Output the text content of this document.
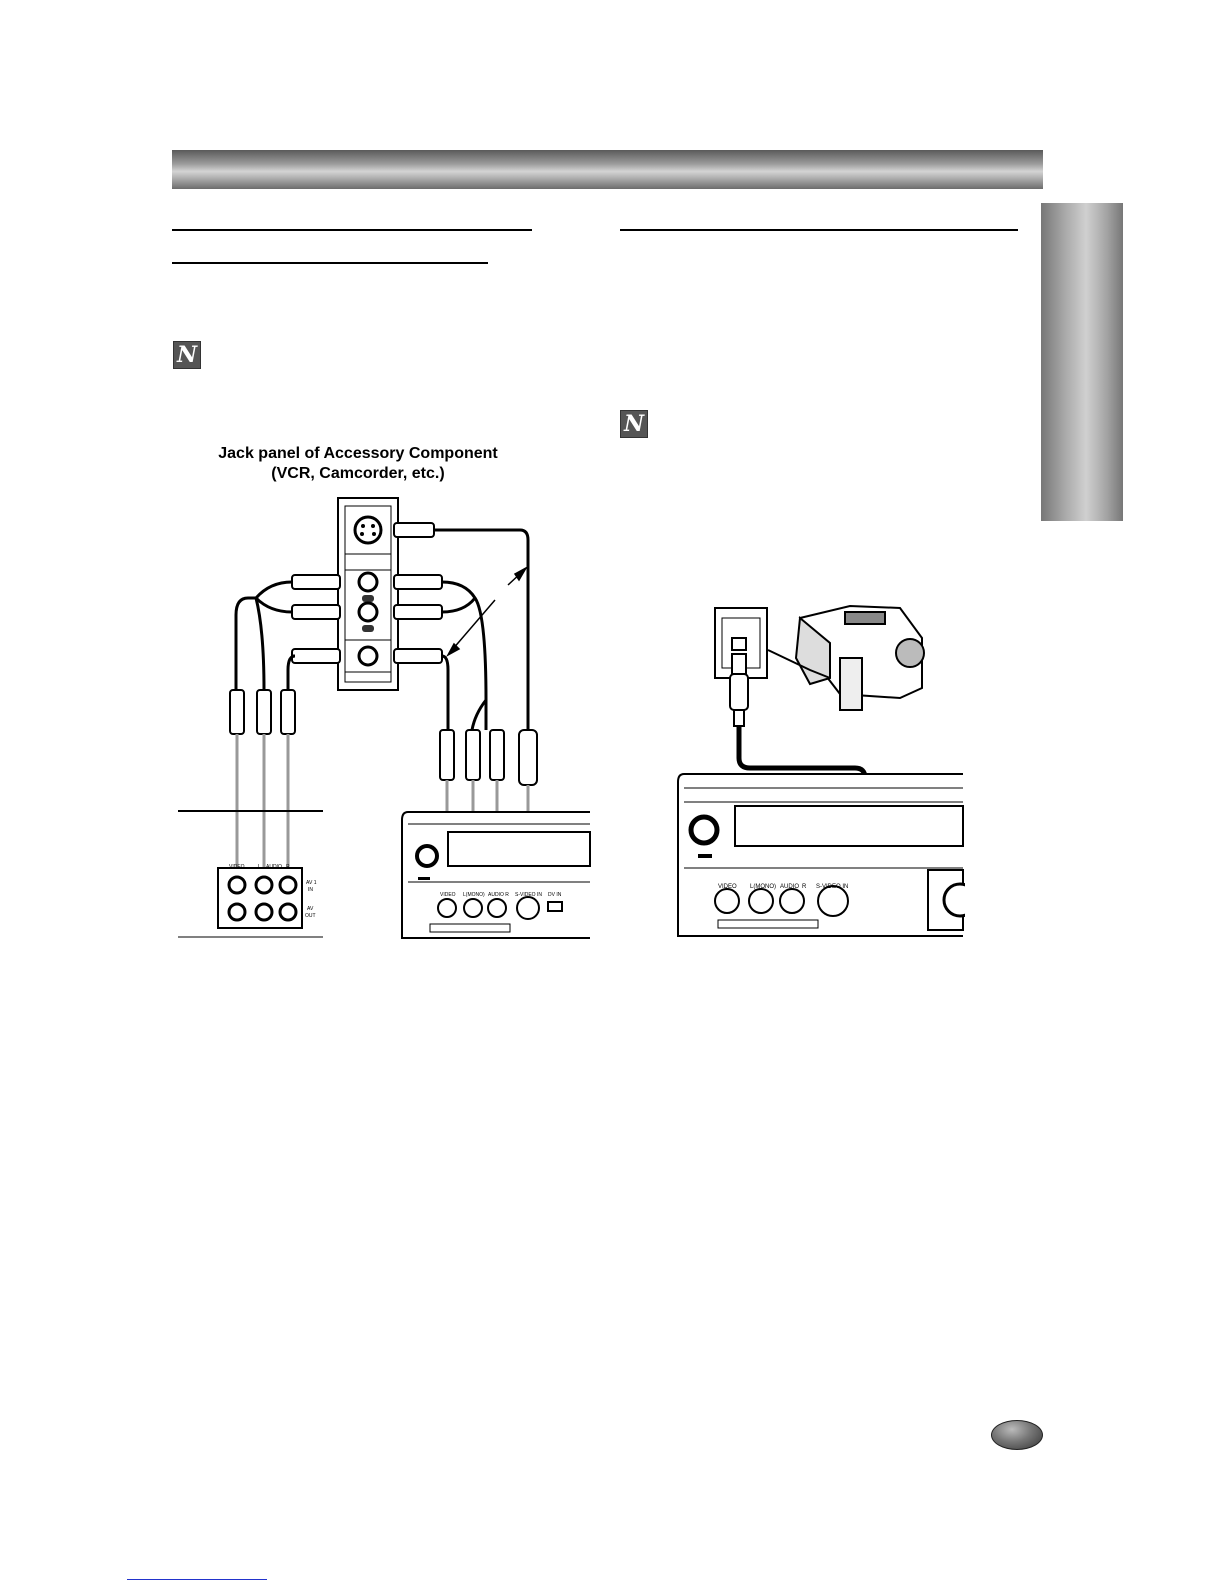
N
N
Jack panel of Accessory Component
(VCR, Camcorder, etc.)
VIDEO	L AUDIO R
AV 1
IN
AV
OUT
VIDEO L(MONO) AUDIO R S-VIDEO IN DV IN
VIDEO L(MONO) AUDIO R S-VIDEO IN
